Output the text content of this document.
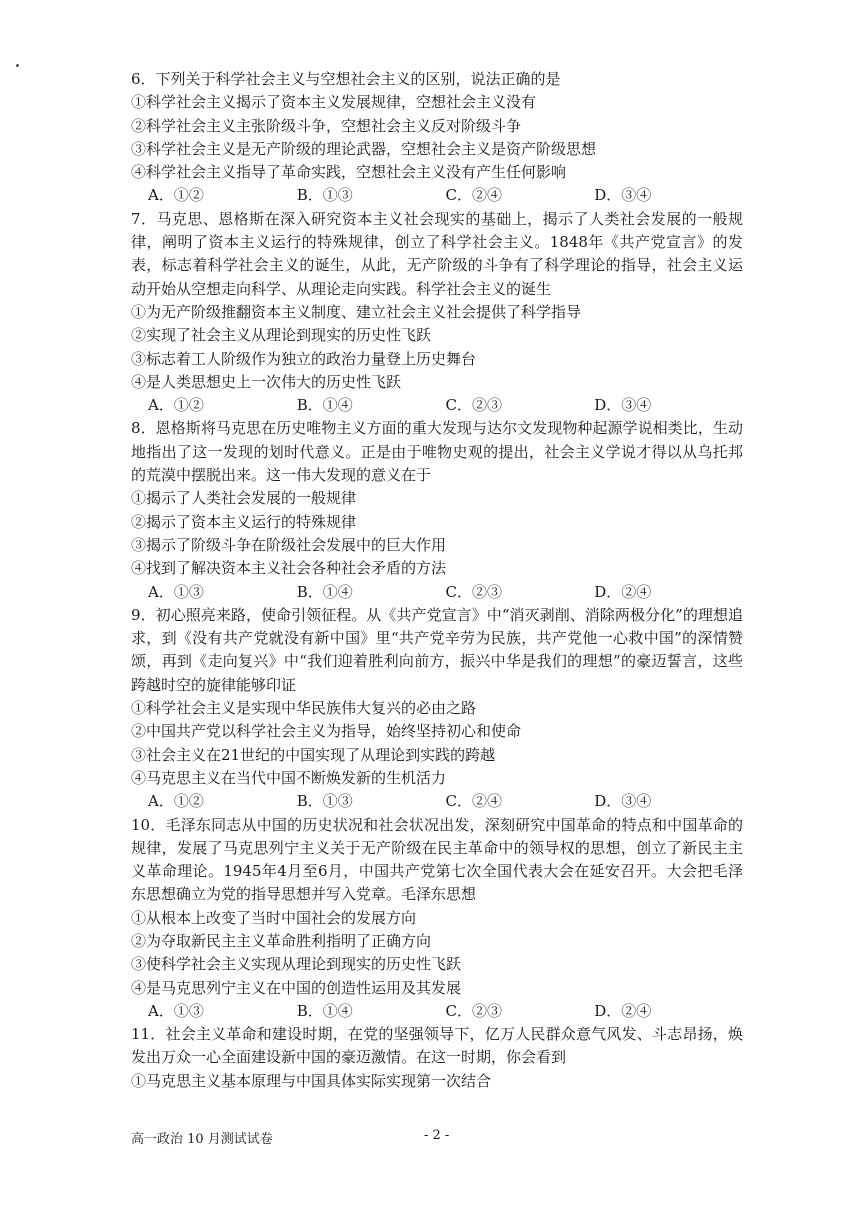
6．下列关于科学社会主义与空想社会主义的区别，说法正确的是

①科学社会主义揭示了资本主义发展规律，空想社会主义没有

②科学社会主义主张阶级斗争，空想社会主义反对阶级斗争

③科学社会主义是无产阶级的理论武器，空想社会主义是资产阶级思想

④科学社会主义指导了革命实践，空想社会主义没有产生任何影响

A．①②	B．①③	C．②④	D．③④

7．马克思、恩格斯在深入研究资本主义社会现实的基础上，揭示了人类社会发展的一般规律，阐明了资本主义运行的特殊规律，创立了科学社会主义。1848年《共产党宣言》的发表，标志着科学社会主义的诞生，从此，无产阶级的斗争有了科学理论的指导，社会主义运动开始从空想走向科学、从理论走向实践。科学社会主义的诞生

①为无产阶级推翻资本主义制度、建立社会主义社会提供了科学指导

②实现了社会主义从理论到现实的历史性飞跃

③标志着工人阶级作为独立的政治力量登上历史舞台

④是人类思想史上一次伟大的历史性飞跃

A．①②	B．①④	C．②③	D．③④

8．恩格斯将马克思在历史唯物主义方面的重大发现与达尔文发现物种起源学说相类比，生动地指出了这一发现的划时代意义。正是由于唯物史观的提出，社会主义学说才得以从乌托邦的荒漠中摆脱出来。这一伟大发现的意义在于

①揭示了人类社会发展的一般规律

②揭示了资本主义运行的特殊规律

③揭示了阶级斗争在阶级社会发展中的巨大作用

④找到了解决资本主义社会各种社会矛盾的方法

A．①③	B．①④	C．②③	D．②④

9．初心照亮来路，使命引领征程。从《共产党宣言》中“消灭剥削、消除两极分化”的理想追求，到《没有共产党就没有新中国》里“共产党辛劳为民族，共产党他一心救中国”的深情赞颂，再到《走向复兴》中“我们迎着胜利向前方，振兴中华是我们的理想”的豪迈誓言，这些跨越时空的旋律能够印证

①科学社会主义是实现中华民族伟大复兴的必由之路

②中国共产党以科学社会主义为指导，始终坚持初心和使命

③社会主义在21世纪的中国实现了从理论到实践的跨越

④马克思主义在当代中国不断焕发新的生机活力

A．①②	B．①③	C．②④	D．③④

10．毛泽东同志从中国的历史状况和社会状况出发，深刻研究中国革命的特点和中国革命的规律，发展了马克思列宁主义关于无产阶级在民主革命中的领导权的思想，创立了新民主主义革命理论。1945年4月至6月，中国共产党第七次全国代表大会在延安召开。大会把毛泽东思想确立为党的指导思想并写入党章。毛泽东思想

①从根本上改变了当时中国社会的发展方向

②为夺取新民主主义革命胜利指明了正确方向

③使科学社会主义实现从理论到现实的历史性飞跃

④是马克思列宁主义在中国的创造性运用及其发展

A．①③	B．①④	C．②③	D．②④

11．社会主义革命和建设时期，在党的坚强领导下，亿万人民群众意气风发、斗志昂扬，焕发出万众一心全面建设新中国的豪迈激情。在这一时期，你会看到

①马克思主义基本原理与中国具体实际实现第一次结合

高一政治 10 月测试试卷	- 2 -
